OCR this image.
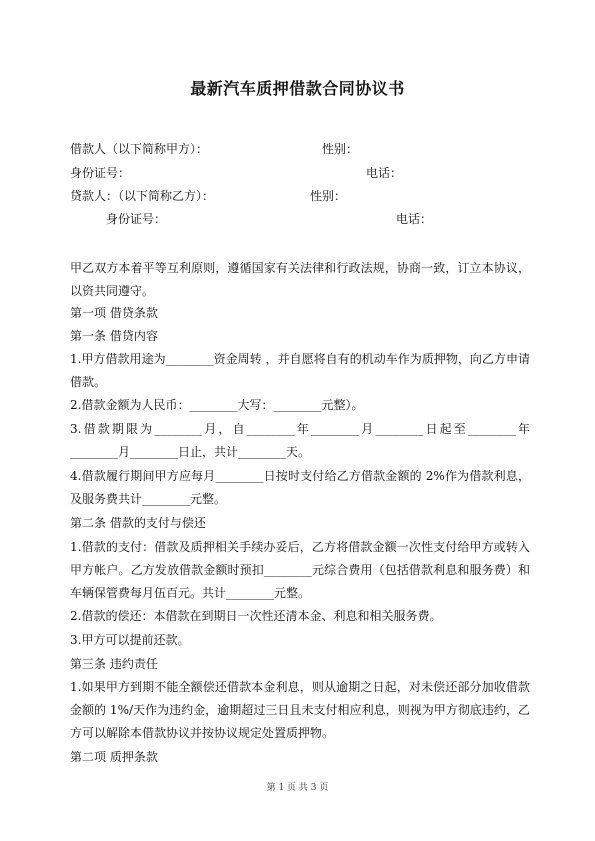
最新汽车质押借款合同协议书
借款人（以下简称甲方）：	性别：
身份证号：	电话：
贷款人：（以下简称乙方）：	性别：
身份证号：	电话：
甲乙双方本着平等互利原则，遵循国家有关法律和行政法规，协商一致，订立本协议，以资共同遵守。
第一项 借贷条款
第一条 借贷内容
1.甲方借款用途为________资金周转 ，并自愿将自有的机动车作为质押物，向乙方申请借款。
2.借款金额为人民币：________大写：________元整）。
3.借款期限为________月，自________年________月________日起至________年________月________日止，共计________天。
4.借款履行期间甲方应每月________日按时支付给乙方借款金额的 2%作为借款利息，及服务费共计________元整。
第二条 借款的支付与偿还
1.借款的支付：借款及质押相关手续办妥后，乙方将借款金额一次性支付给甲方或转入甲方帐户。乙方发放借款金额时预扣________元综合费用（包括借款利息和服务费）和车辆保管费每月伍百元。共计________元整。
2.借款的偿还：本借款在到期日一次性还清本金、利息和相关服务费。
3.甲方可以提前还款。
第三条 违约责任
1.如果甲方到期不能全额偿还借款本金利息，则从逾期之日起，对未偿还部分加收借款金额的 1%/天作为违约金，逾期超过三日且未支付相应利息，则视为甲方彻底违约，乙方可以解除本借款协议并按协议规定处置质押物。
第二项 质押条款
第 1 页 共 3 页
